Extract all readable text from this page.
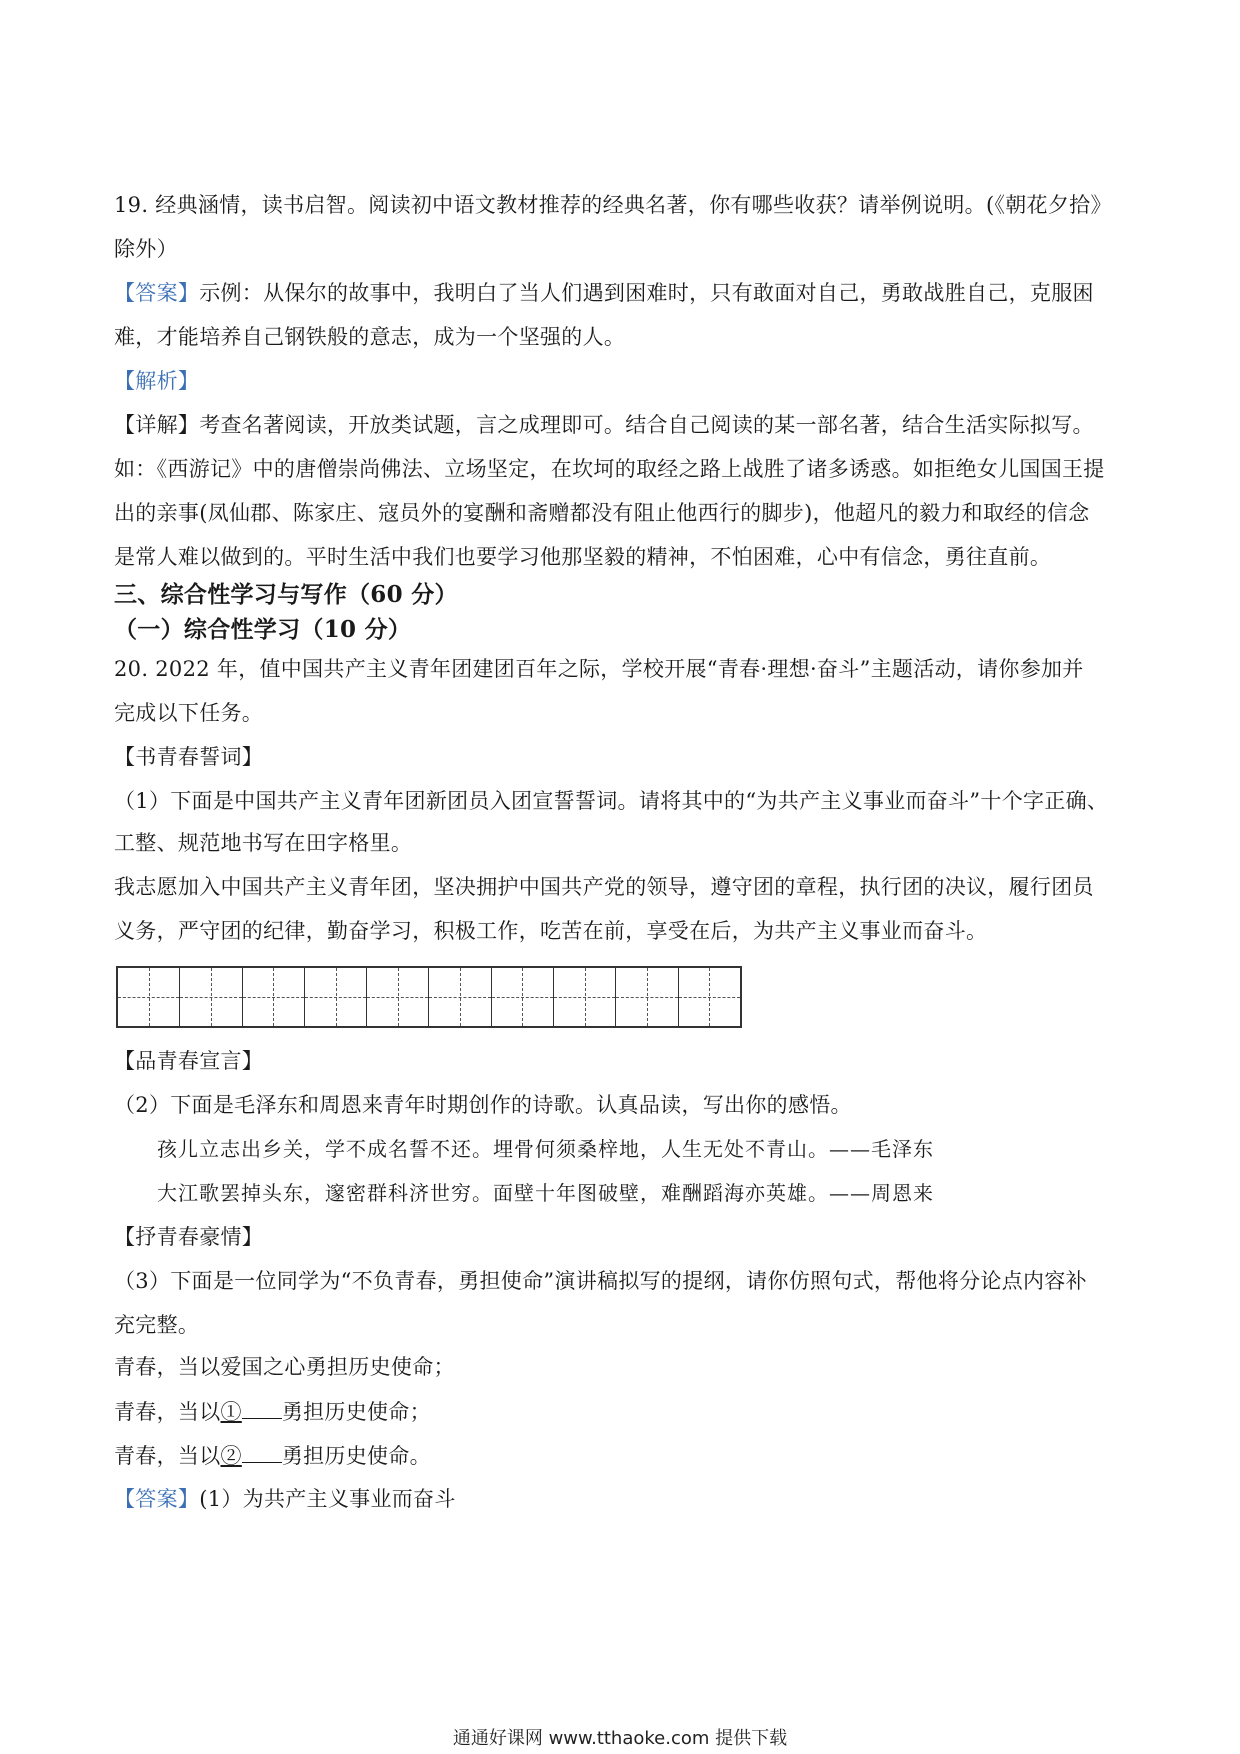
19. 经典涵情，读书启智。阅读初中语文教材推荐的经典名著，你有哪些收获？请举例说明。(《朝花夕拾》
除外）
【答案】示例：从保尔的故事中，我明白了当人们遇到困难时，只有敢面对自己，勇敢战胜自己，克服困
难，才能培养自己钢铁般的意志，成为一个坚强的人。
【解析】
【详解】考查名著阅读，开放类试题，言之成理即可。结合自己阅读的某一部名著，结合生活实际拟写。
如：《西游记》中的唐僧崇尚佛法、立场坚定，在坎坷的取经之路上战胜了诸多诱惑。如拒绝女儿国国王提
出的亲事(凤仙郡、陈家庄、寇员外的宴酬和斋赠都没有阻止他西行的脚步)，他超凡的毅力和取经的信念
是常人难以做到的。平时生活中我们也要学习他那坚毅的精神，不怕困难，心中有信念，勇往直前。
三、综合性学习与写作（60 分）
（一）综合性学习（10 分）
20. 2022 年，值中国共产主义青年团建团百年之际，学校开展“青春·理想·奋斗”主题活动，请你参加并
完成以下任务。
【书青春誓词】
（1）下面是中国共产主义青年团新团员入团宣誓誓词。请将其中的“为共产主义事业而奋斗”十个字正确、
工整、规范地书写在田字格里。
我志愿加入中国共产主义青年团，坚决拥护中国共产党的领导，遵守团的章程，执行团的决议，履行团员
义务，严守团的纪律，勤奋学习，积极工作，吃苦在前，享受在后，为共产主义事业而奋斗。
【品青春宣言】
（2）下面是毛泽东和周恩来青年时期创作的诗歌。认真品读，写出你的感悟。
孩儿立志出乡关，学不成名誓不还。埋骨何须桑梓地，人生无处不青山。——毛泽东
大江歌罢掉头东，邃密群科济世穷。面壁十年图破壁，难酬蹈海亦英雄。——周恩来
【抒青春豪情】
（3）下面是一位同学为“不负青春，勇担使命”演讲稿拟写的提纲，请你仿照句式，帮他将分论点内容补
充完整。
青春，当以爱国之心勇担历史使命；
青春，当以① 勇担历史使命；
青春，当以② 勇担历史使命。
【答案】(1）为共产主义事业而奋斗
通通好课网 www.tthaoke.com 提供下载
